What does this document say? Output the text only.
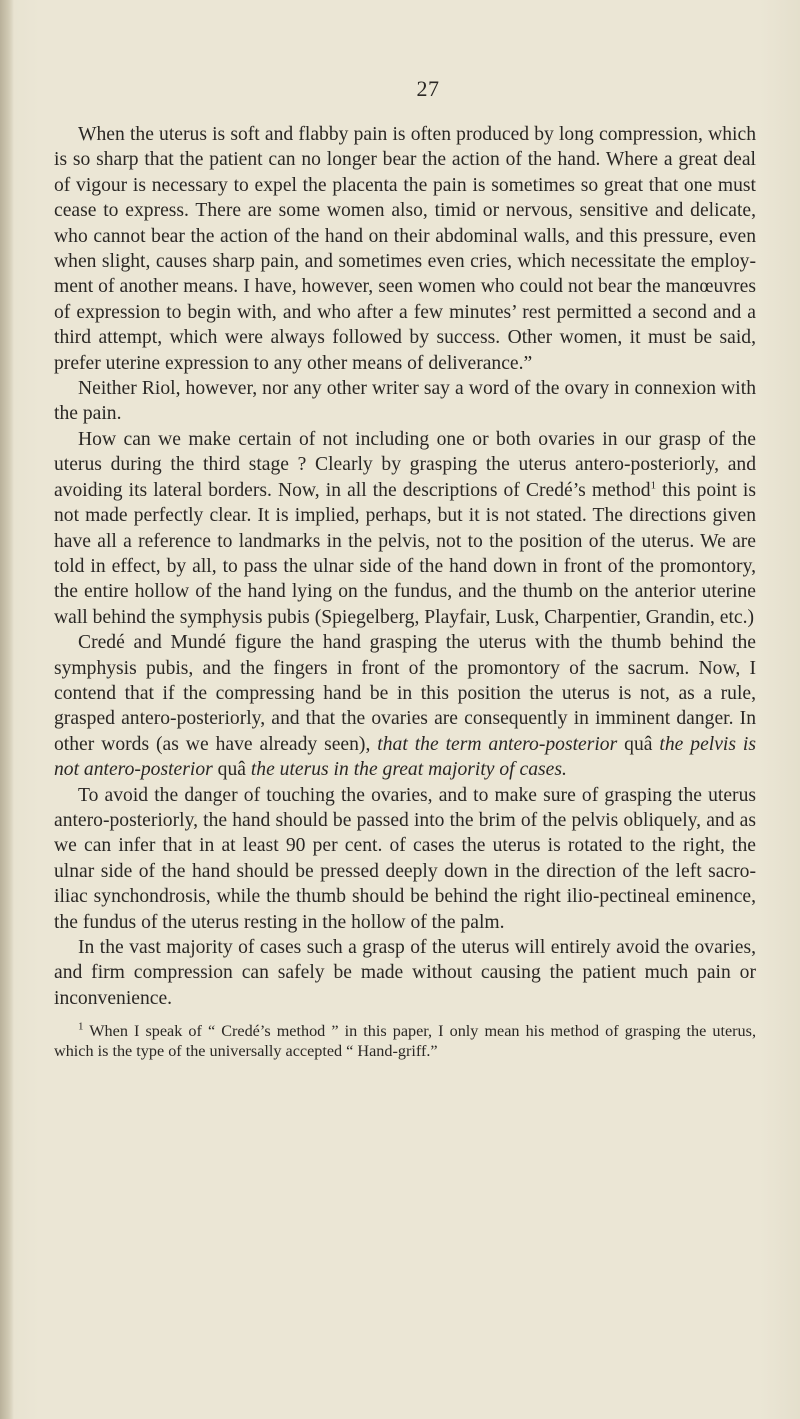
27

When the uterus is soft and flabby pain is often produced by long compression, which is so sharp that the patient can no longer bear the action of the hand. Where a great deal of vigour is necessary to expel the placenta the pain is sometimes so great that one must cease to express. There are some women also, timid or nervous, sensitive and delicate, who cannot bear the action of the hand on their abdominal walls, and this pressure, even when slight, causes sharp pain, and sometimes even cries, which necessitate the employment of another means. I have, however, seen women who could not bear the manœuvres of expression to begin with, and who after a few minutes’ rest permitted a second and a third attempt, which were always followed by success. Other women, it must be said, prefer uterine expression to any other means of deliverance.”

Neither Riol, however, nor any other writer say a word of the ovary in connexion with the pain.

How can we make certain of not including one or both ovaries in our grasp of the uterus during the third stage ? Clearly by grasping the uterus antero-posteriorly, and avoiding its lateral borders. Now, in all the descriptions of Credé’s method$^1$ this point is not made perfectly clear. It is implied, perhaps, but it is not stated. The directions given have all a reference to landmarks in the pelvis, not to the position of the uterus. We are told in effect, by all, to pass the ulnar side of the hand down in front of the promontory, the entire hollow of the hand lying on the fundus, and the thumb on the anterior uterine wall behind the symphysis pubis (Spiegelberg, Playfair, Lusk, Charpentier, Grandin, etc.)

Credé and Mundé figure the hand grasping the uterus with the thumb behind the symphysis pubis, and the fingers in front of the promontory of the sacrum. Now, I contend that if the compressing hand be in this position the uterus is not, as a rule, grasped antero-posteriorly, and that the ovaries are consequently in imminent danger. In other words (as we have already seen), that the term antero-posterior quâ the pelvis is not antero-posterior quâ the uterus in the great majority of cases.

To avoid the danger of touching the ovaries, and to make sure of grasping the uterus antero-posteriorly, the hand should be passed into the brim of the pelvis obliquely, and as we can infer that in at least 90 per cent. of cases the uterus is rotated to the right, the ulnar side of the hand should be pressed deeply down in the direction of the left sacro-iliac synchondrosis, while the thumb should be behind the right ilio-pectineal eminence, the fundus of the uterus resting in the hollow of the palm.

In the vast majority of cases such a grasp of the uterus will entirely avoid the ovaries, and firm compression can safely be made without causing the patient much pain or inconvenience.

$^1$ When I speak of “ Credé’s method ” in this paper, I only mean his method of grasping the uterus, which is the type of the universally accepted “ Hand-griff.”
